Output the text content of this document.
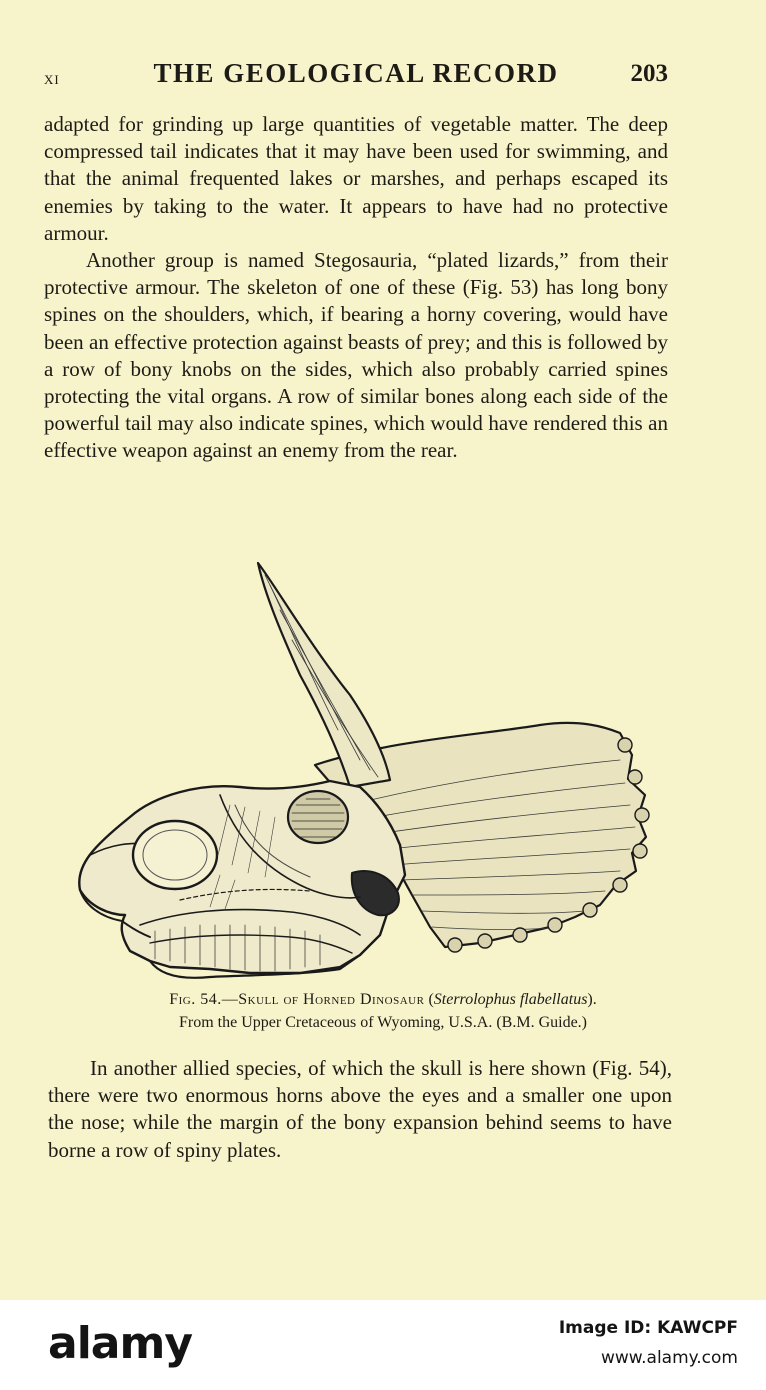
xi	THE GEOLOGICAL RECORD	203

adapted for grinding up large quantities of vegetable matter. The deep compressed tail indicates that it may have been used for swimming, and that the animal frequented lakes or marshes, and perhaps escaped its enemies by taking to the water. It appears to have had no protective armour.

Another group is named Stegosauria, “plated lizards,” from their protective armour. The skeleton of one of these (Fig. 53) has long bony spines on the shoulders, which, if bearing a horny covering, would have been an effective protection against beasts of prey; and this is followed by a row of bony knobs on the sides, which also probably carried spines protecting the vital organs. A row of similar bones along each side of the powerful tail may also indicate spines, which would have rendered this an effective weapon against an enemy from the rear.

Fig. 54.—Skull of Horned Dinosaur (Sterrolophus flabellatus).
From the Upper Cretaceous of Wyoming, U.S.A. (B.M. Guide.)

In another allied species, of which the skull is here shown (Fig. 54), there were two enormous horns above the eyes and a smaller one upon the nose; while the margin of the bony expansion behind seems to have borne a row of spiny plates.

alamy	Image ID: KAWCPF
www.alamy.com
